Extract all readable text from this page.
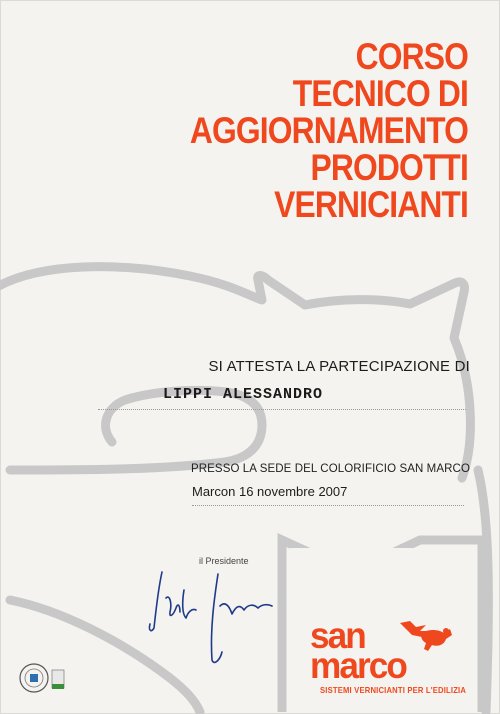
CORSO
TECNICO DI
AGGIORNAMENTO
PRODOTTI
VERNICIANTI
SI ATTESTA LA PARTECIPAZIONE DI
LIPPI ALESSANDRO
PRESSO LA SEDE DEL COLORIFICIO SAN MARCO
Marcon 16 novembre 2007
il Presidente
san
marco
SISTEMI VERNICIANTI PER L'EDILIZIA
